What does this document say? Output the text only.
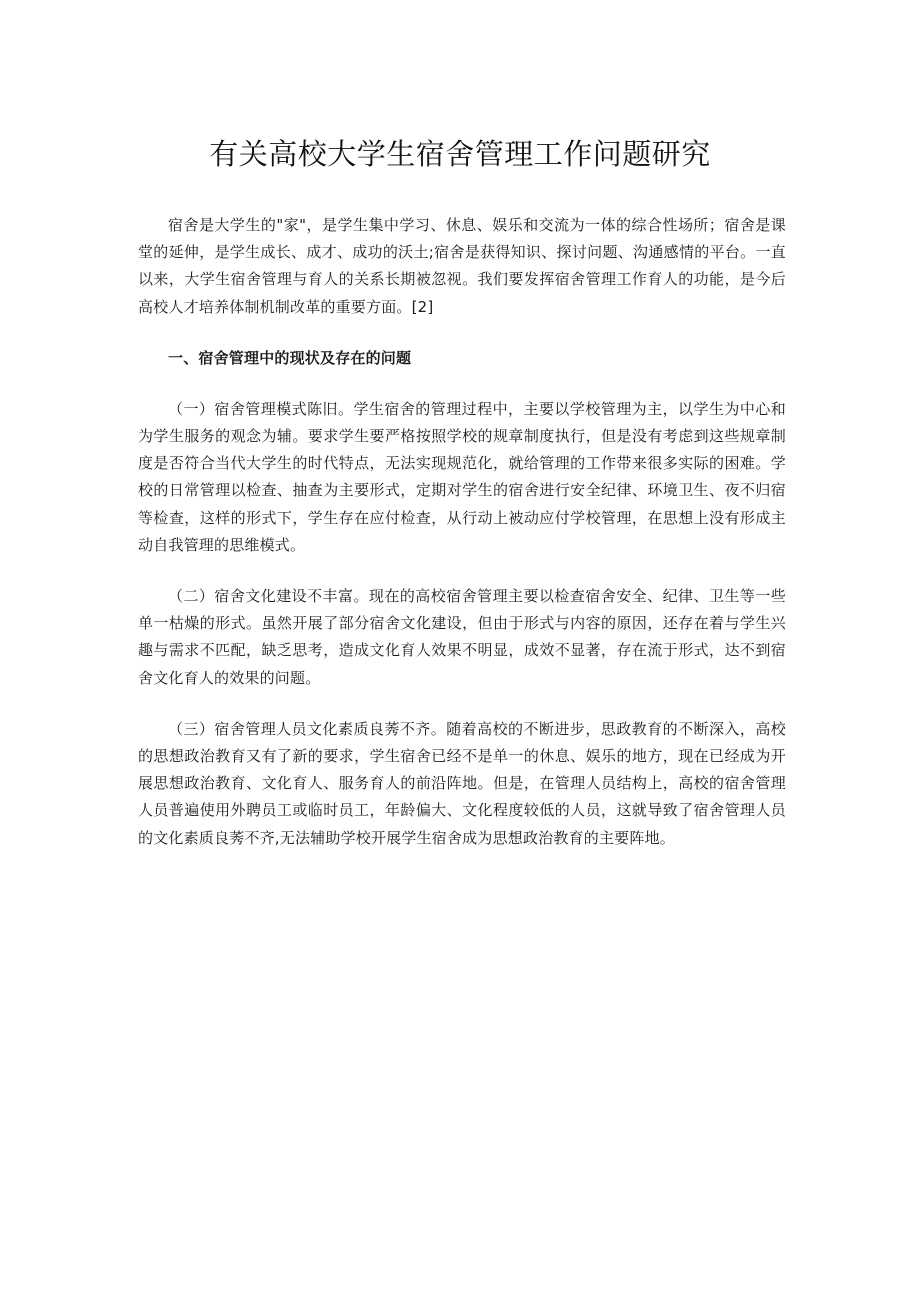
有关高校大学生宿舍管理工作问题研究

宿舍是大学生的"家"，是学生集中学习、休息、娱乐和交流为一体的综合性场所；宿舍是课堂的延伸，是学生成长、成才、成功的沃土;宿舍是获得知识、探讨问题、沟通感情的平台。一直以来，大学生宿舍管理与育人的关系长期被忽视。我们要发挥宿舍管理工作育人的功能，是今后高校人才培养体制机制改革的重要方面。[2]

一、宿舍管理中的现状及存在的问题

（一）宿舍管理模式陈旧。学生宿舍的管理过程中，主要以学校管理为主，以学生为中心和为学生服务的观念为辅。要求学生要严格按照学校的规章制度执行，但是没有考虑到这些规章制度是否符合当代大学生的时代特点，无法实现规范化，就给管理的工作带来很多实际的困难。学校的日常管理以检查、抽查为主要形式，定期对学生的宿舍进行安全纪律、环境卫生、夜不归宿等检查，这样的形式下，学生存在应付检查，从行动上被动应付学校管理，在思想上没有形成主动自我管理的思维模式。

（二）宿舍文化建设不丰富。现在的高校宿舍管理主要以检查宿舍安全、纪律、卫生等一些单一枯燥的形式。虽然开展了部分宿舍文化建设，但由于形式与内容的原因，还存在着与学生兴趣与需求不匹配，缺乏思考，造成文化育人效果不明显，成效不显著，存在流于形式，达不到宿舍文化育人的效果的问题。

（三）宿舍管理人员文化素质良莠不齐。随着高校的不断进步，思政教育的不断深入，高校的思想政治教育又有了新的要求，学生宿舍已经不是单一的休息、娱乐的地方，现在已经成为开展思想政治教育、文化育人、服务育人的前沿阵地。但是，在管理人员结构上，高校的宿舍管理人员普遍使用外聘员工或临时员工，年龄偏大、文化程度较低的人员，这就导致了宿舍管理人员的文化素质良莠不齐,无法辅助学校开展学生宿舍成为思想政治教育的主要阵地。
